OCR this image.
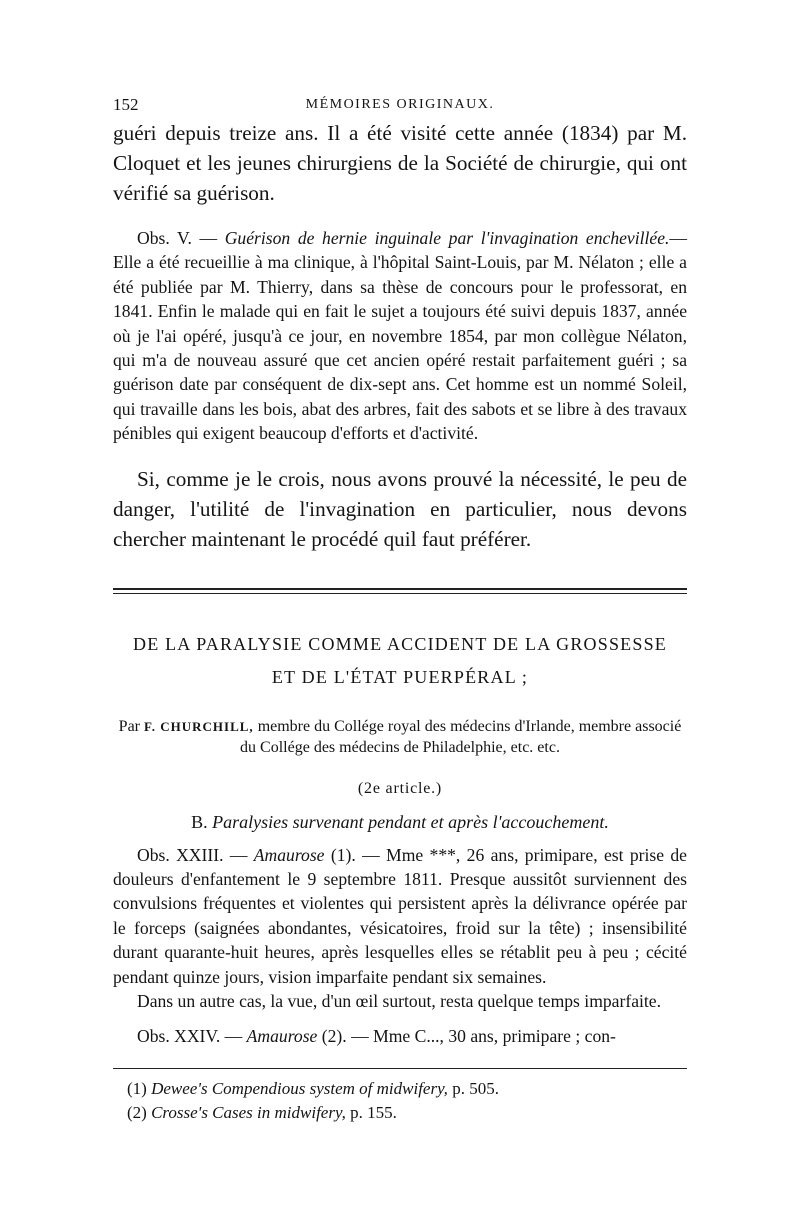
152	MÉMOIRES ORIGINAUX.

guéri depuis treize ans. Il a été visité cette année (1834) par M. Cloquet et les jeunes chirurgiens de la Société de chirurgie, qui ont vérifié sa guérison.

Obs. V. — Guérison de hernie inguinale par l'invagination enchevillée.— Elle a été recueillie à ma clinique, à l'hôpital Saint-Louis, par M. Nélaton ; elle a été publiée par M. Thierry, dans sa thèse de concours pour le professorat, en 1841. Enfin le malade qui en fait le sujet a toujours été suivi depuis 1837, année où je l'ai opéré, jusqu'à ce jour, en novembre 1854, par mon collègue Nélaton, qui m'a de nouveau assuré que cet ancien opéré restait parfaitement guéri ; sa guérison date par conséquent de dix-sept ans. Cet homme est un nommé Soleil, qui travaille dans les bois, abat des arbres, fait des sabots et se libre à des travaux pénibles qui exigent beaucoup d'efforts et d'activité.

Si, comme je le crois, nous avons prouvé la nécessité, le peu de danger, l'utilité de l'invagination en particulier, nous devons chercher maintenant le procédé quil faut préférer.

DE LA PARALYSIE COMME ACCIDENT DE LA GROSSESSE
ET DE L'ÉTAT PUERPÉRAL ;
Par F. CHURCHILL, membre du Collége royal des médecins d'Irlande, membre associé du Collége des médecins de Philadelphie, etc. etc.
(2e article.)
B. Paralysies survenant pendant et après l'accouchement.

Obs. XXIII. — Amaurose (1). — Mme ***, 26 ans, primipare, est prise de douleurs d'enfantement le 9 septembre 1811. Presque aussitôt surviennent des convulsions fréquentes et violentes qui persistent après la délivrance opérée par le forceps (saignées abondantes, vésicatoires, froid sur la tête) ; insensibilité durant quarante-huit heures, après lesquelles elles se rétablit peu à peu ; cécité pendant quinze jours, vision imparfaite pendant six semaines.

Dans un autre cas, la vue, d'un œil surtout, resta quelque temps imparfaite.

Obs. XXIV. — Amaurose (2). — Mme C..., 30 ans, primipare ; con-

(1) Dewee's Compendious system of midwifery, p. 505.
(2) Crosse's Cases in midwifery, p. 155.
